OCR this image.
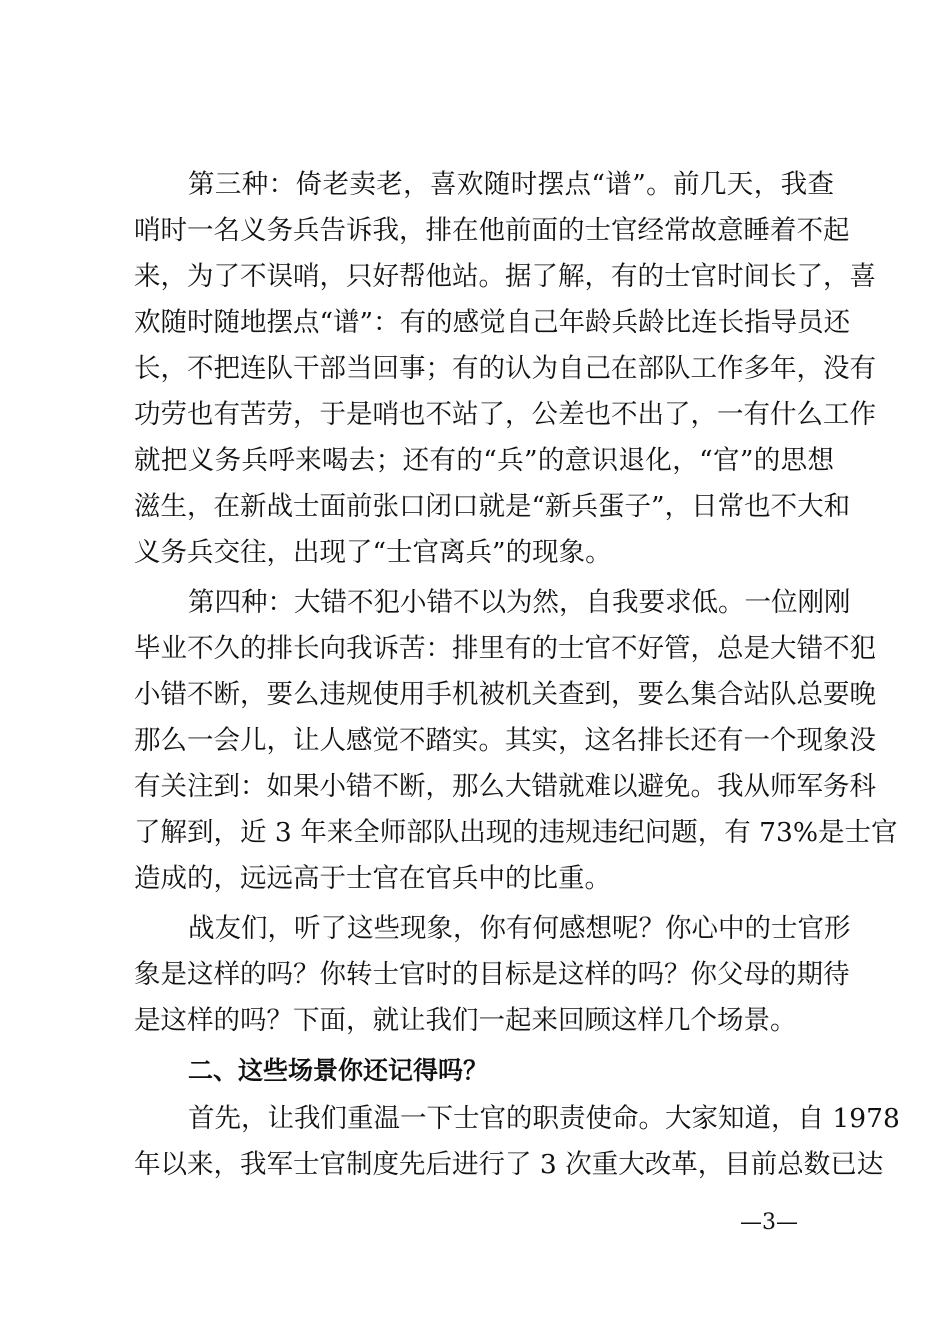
第三种：倚老卖老，喜欢随时摆点“谱”。前几天，我查
哨时一名义务兵告诉我，排在他前面的士官经常故意睡着不起
来，为了不误哨，只好帮他站。据了解，有的士官时间长了，喜
欢随时随地摆点“谱”：有的感觉自己年龄兵龄比连长指导员还
长，不把连队干部当回事；有的认为自己在部队工作多年，没有
功劳也有苦劳，于是哨也不站了，公差也不出了，一有什么工作
就把义务兵呼来喝去；还有的“兵”的意识退化，“官”的思想
滋生，在新战士面前张口闭口就是“新兵蛋子”，日常也不大和
义务兵交往，出现了“士官离兵”的现象。
第四种：大错不犯小错不以为然，自我要求低。一位刚刚
毕业不久的排长向我诉苦：排里有的士官不好管，总是大错不犯
小错不断，要么违规使用手机被机关查到，要么集合站队总要晚
那么一会儿，让人感觉不踏实。其实，这名排长还有一个现象没
有关注到：如果小错不断，那么大错就难以避免。我从师军务科
了解到，近 3 年来全师部队出现的违规违纪问题，有 73%是士官
造成的，远远高于士官在官兵中的比重。
战友们，听了这些现象，你有何感想呢？你心中的士官形
象是这样的吗？你转士官时的目标是这样的吗？你父母的期待
是这样的吗？下面，就让我们一起来回顾这样几个场景。
二、这些场景你还记得吗？
首先，让我们重温一下士官的职责使命。大家知道，自 1978
年以来，我军士官制度先后进行了 3 次重大改革，目前总数已达
—3—
